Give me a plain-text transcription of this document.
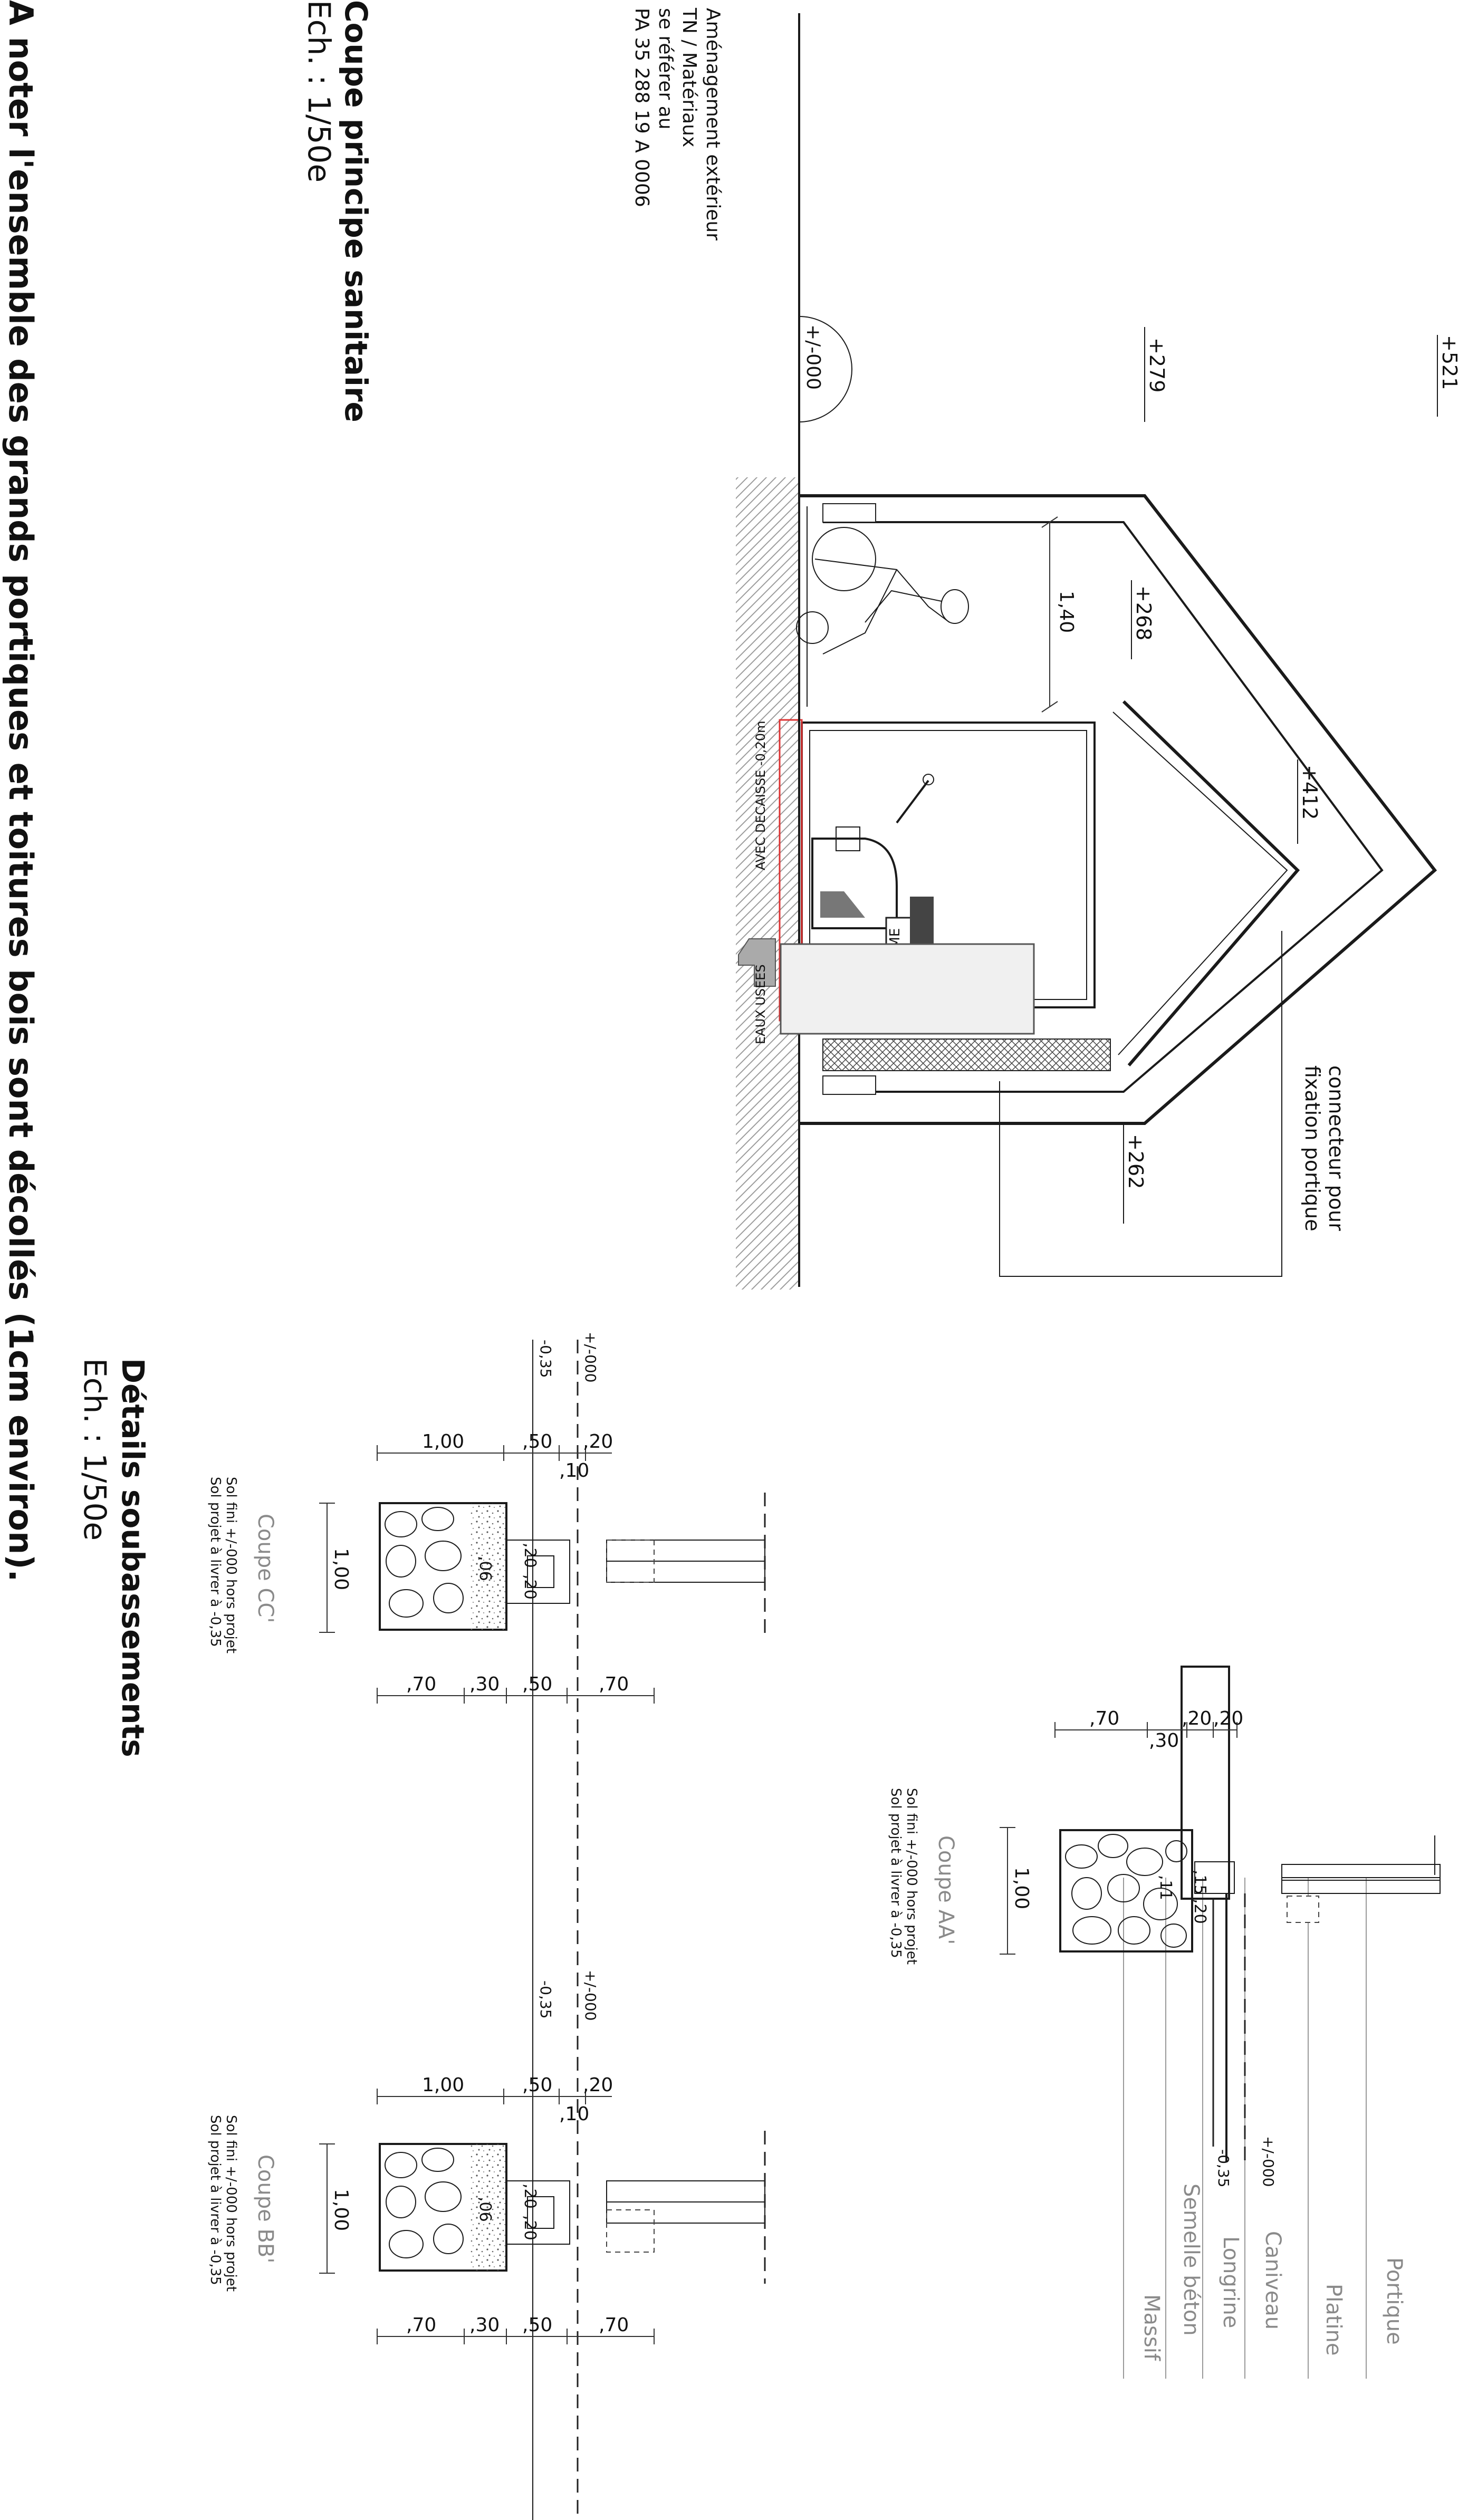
A noter l'ensemble des grands portiques et toitures bois sont décollés (1cm environ).	Coupe principe sanitaire
Ech. : 1/50e
Détails soubassements
Ech. : 1/50e
Aménagement extérieur
TN / Matériaux
se référer au
PA 35 288 19 A 0006
+/-000	+521
+279
+268
+412
+262
1,40
AVEC DECAISSE -0,20m
EAUX USEES
connecteur pour
fixation portique
Portique
Platine
Caniveau
Longrine
Semelle béton
Massif
,70
,30
,20 ,20
1,00	,15
,20
,11
+/-000
-0,35
Coupe AA'
Sol fini +/-000 hors projet
Sol projet à livrer à -0,35
+/-000
-0,35
1,00	,50 ,20
,10
1,00	,20
,20
,06
,70 ,30 ,50 ,70
Coupe CC'
Sol fini +/-000 hors projet
Sol projet à livrer à -0,35
+/-000
-0,35
1,00	,50 ,20
,10
1,00	,20
,20
,06
,70 ,30 ,50 ,70
Coupe BB'
Sol fini +/-000 hors projet
Sol projet à livrer à -0,35
